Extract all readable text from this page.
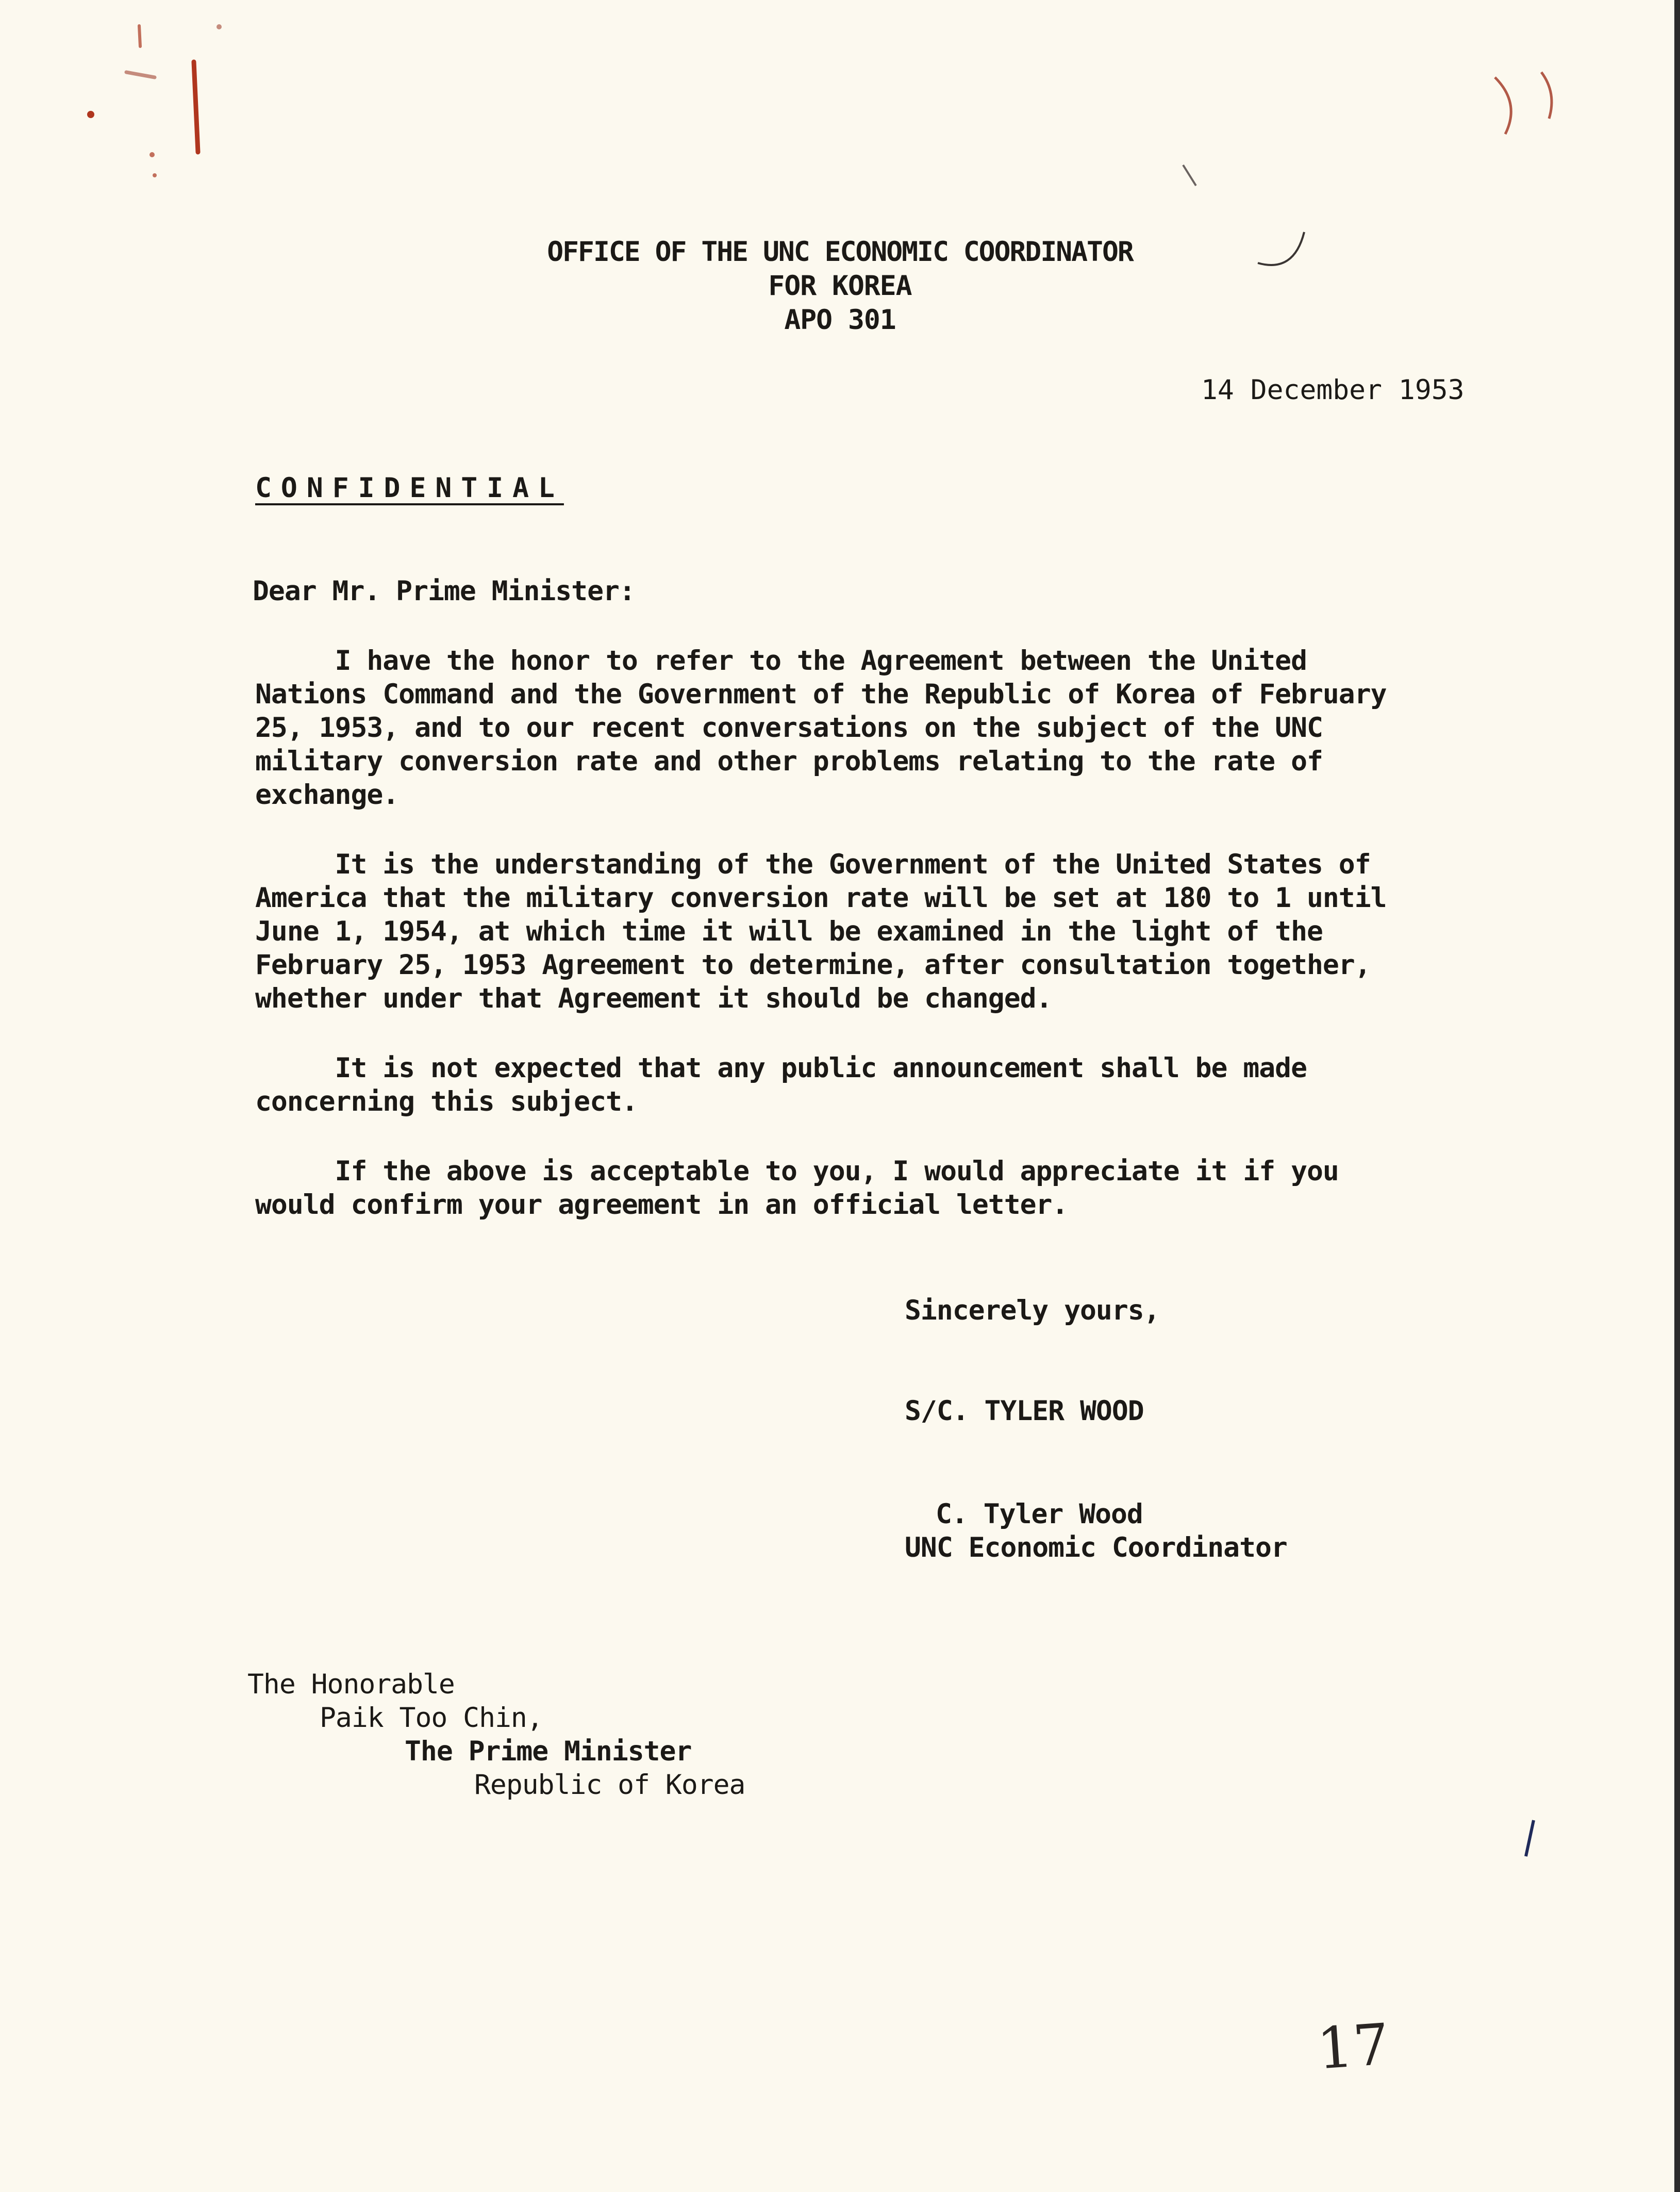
OFFICE OF THE UNC ECONOMIC COORDINATOR
FOR KOREA
APO 301
14 December 1953
CONFIDENTIAL
Dear Mr. Prime Minister:
I have the honor to refer to the Agreement between the United
Nations Command and the Government of the Republic of Korea of February
25, 1953, and to our recent conversations on the subject of the UNC
military conversion rate and other problems relating to the rate of
exchange.
It is the understanding of the Government of the United States of
America that the military conversion rate will be set at 180 to 1 until
June 1, 1954, at which time it will be examined in the light of the
February 25, 1953 Agreement to determine, after consultation together,
whether under that Agreement it should be changed.
It is not expected that any public announcement shall be made
concerning this subject.
If the above is acceptable to you, I would appreciate it if you
would confirm your agreement in an official letter.
Sincerely yours,
S/C. TYLER WOOD
C. Tyler Wood
UNC Economic Coordinator
The Honorable
Paik Too Chin,
The Prime Minister
Republic of Korea
17
